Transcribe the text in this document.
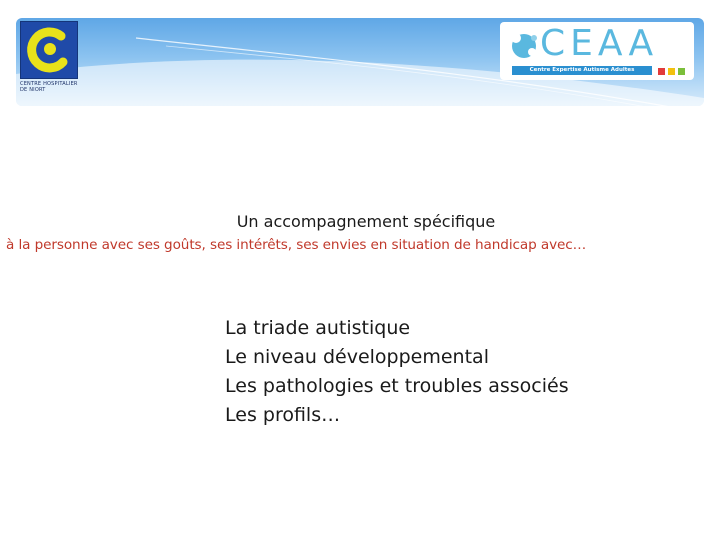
CENTRE HOSPITALIER DE NIORT
CEAA
Centre Expertise Autisme Adultes
Un accompagnement spécifique

à la personne avec ses goûts, ses intérêts, ses envies en situation de handicap avec…

La triade autistique
Le niveau développemental
Les pathologies et troubles associés
Les profils…
